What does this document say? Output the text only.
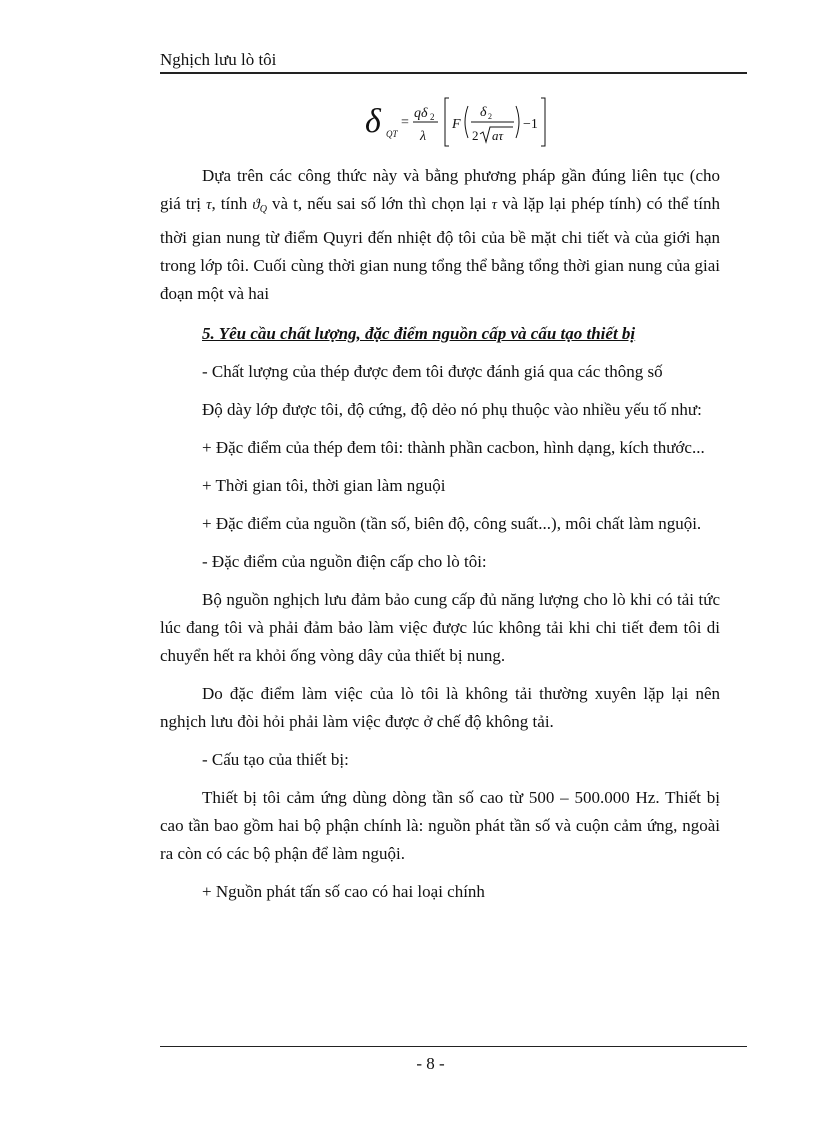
Nghịch lưu lò tôi
δ QT
=
qδ 2
λ
F
δ 2
2 aτ
−1

Dựa trên các công thức này và bằng phương pháp gần đúng liên tục (cho giá trị τ, tính ϑQ và t, nếu sai số lớn thì chọn lại τ và lặp lại phép tính) có thể tính thời gian nung từ điểm Quyri đến nhiệt độ tôi của bề mặt chi tiết và của giới hạn trong lớp tôi. Cuối cùng thời gian nung tổng thể bằng tổng thời gian nung của giai đoạn một và hai

5. Yêu cầu chất lượng, đặc điểm nguồn cấp và cấu tạo thiết bị

- Chất lượng của thép được đem tôi được đánh giá qua các thông số

Độ dày lớp được tôi, độ cứng, độ dẻo nó phụ thuộc vào nhiều yếu tố như:

+ Đặc điểm của thép đem tôi: thành phần cacbon, hình dạng, kích thước...

+ Thời gian tôi, thời gian làm nguội

+ Đặc điểm của nguồn (tần số, biên độ, công suất...), môi chất làm nguội.

- Đặc điểm của nguồn điện cấp cho lò tôi:

Bộ nguồn nghịch lưu đảm bảo cung cấp đủ năng lượng cho lò khi có tải tức lúc đang tôi và phải đảm bảo làm việc được lúc không tải khi chi tiết đem tôi di chuyển hết ra khỏi ống vòng dây của thiết bị nung.

Do đặc điểm làm việc của lò tôi là không tải thường xuyên lặp lại nên nghịch lưu đòi hỏi phải làm việc được ở chế độ không tải.

- Cấu tạo của thiết bị:

Thiết bị tôi cảm ứng dùng dòng tần số cao từ 500 – 500.000 Hz. Thiết bị cao tần bao gồm hai bộ phận chính là: nguồn phát tần số và cuộn cảm ứng, ngoài ra còn có các bộ phận để làm nguội.

+ Nguồn phát tấn số cao có hai loại chính

- 8 -
